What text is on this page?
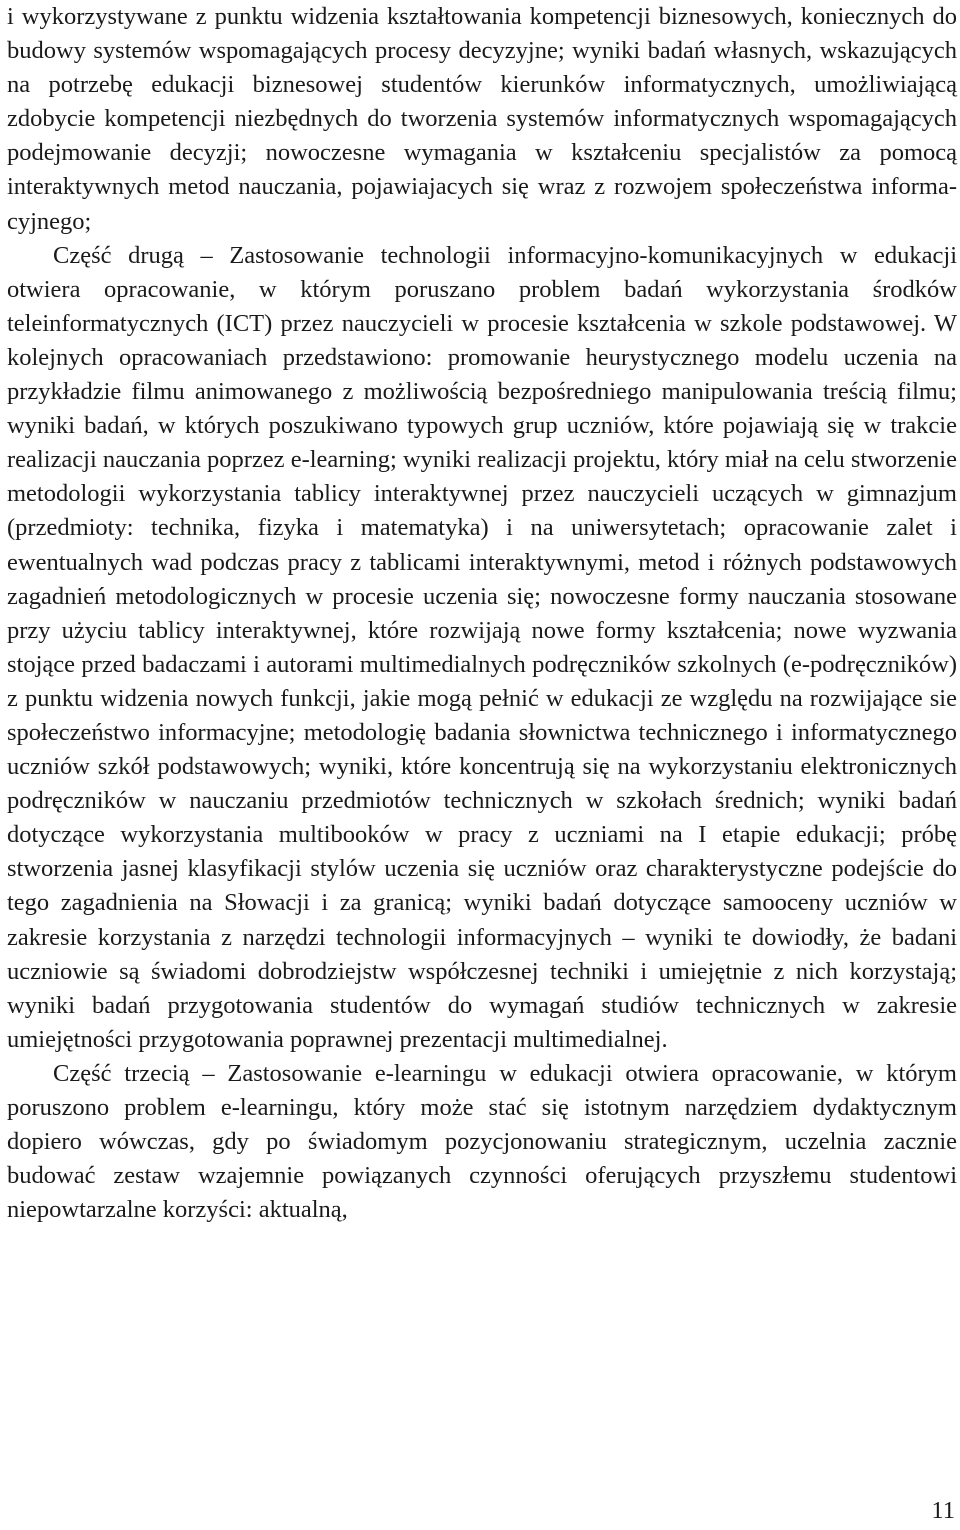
i wykorzystywane z punktu widzenia kształtowania kompetencji biznesowych, koniecznych do budowy systemów wspomagających procesy decyzyjne; wyniki badań własnych, wskazujących na potrzebę edukacji biznesowej studentów kierunków informatycznych, umożliwiającą zdobycie kompetencji niezbędnych do tworzenia systemów informatycznych wspomagających podejmowanie decyzji; nowoczesne wymagania w kształceniu specjalistów za pomocą interaktywnych metod nauczania, pojawiajacych się wraz z rozwojem społeczeństwa informacyjnego;

Część drugą – Zastosowanie technologii informacyjno-komunikacyjnych w edukacji otwiera opracowanie, w którym poruszano problem badań wykorzystania środków teleinformatycznych (ICT) przez nauczycieli w procesie kształcenia w szkole podstawowej. W kolejnych opracowaniach przedstawiono: promowanie heurystycznego modelu uczenia na przykładzie filmu animowanego z możliwością bezpośredniego manipulowania treścią filmu; wyniki badań, w których poszukiwano typowych grup uczniów, które pojawiają się w trakcie realizacji nauczania poprzez e-learning; wyniki realizacji projektu, który miał na celu stworzenie metodologii wykorzystania tablicy interaktywnej przez nauczycieli uczących w gimnazjum (przedmioty: technika, fizyka i matematyka) i na uniwersytetach; opracowanie zalet i ewentualnych wad podczas pracy z tablicami interaktywnymi, metod i różnych podstawowych zagadnień metodologicznych w procesie uczenia się; nowoczesne formy nauczania stosowane przy użyciu tablicy interaktywnej, które rozwijają nowe formy kształcenia; nowe wyzwania stojące przed badaczami i autorami multimedialnych podręczników szkolnych (e-podręczników) z punktu widzenia nowych funkcji, jakie mogą pełnić w edukacji ze względu na rozwijające sie społeczeństwo informacyjne; metodologię badania słownictwa technicznego i informatycznego uczniów szkół podstawowych; wyniki, które koncentrują się na wykorzystaniu elektronicznych podręczników w nauczaniu przedmiotów technicznych w szkołach średnich; wyniki badań dotyczące wykorzystania multibooków w pracy z uczniami na I etapie edukacji; próbę stworzenia jasnej klasyfikacji stylów uczenia się uczniów oraz charakterystyczne podejście do tego zagadnienia na Słowacji i za granicą; wyniki badań dotyczące samooceny uczniów w zakresie korzystania z narzędzi technologii informacyjnych – wyniki te dowiodły, że badani uczniowie są świadomi dobrodziejstw współczesnej techniki i umiejętnie z nich korzystają; wyniki badań przygotowania studentów do wymagań studiów technicznych w zakresie umiejętności przygotowania poprawnej prezentacji multimedialnej.

Część trzecią – Zastosowanie e-learningu w edukacji otwiera opracowanie, w którym poruszono problem e-learningu, który może stać się istotnym narzędziem dydaktycznym dopiero wówczas, gdy po świadomym pozycjonowaniu strategicznym, uczelnia zacznie budować zestaw wzajemnie powiązanych czynności oferujących przyszłemu studentowi niepowtarzalne korzyści: aktualną,

11
